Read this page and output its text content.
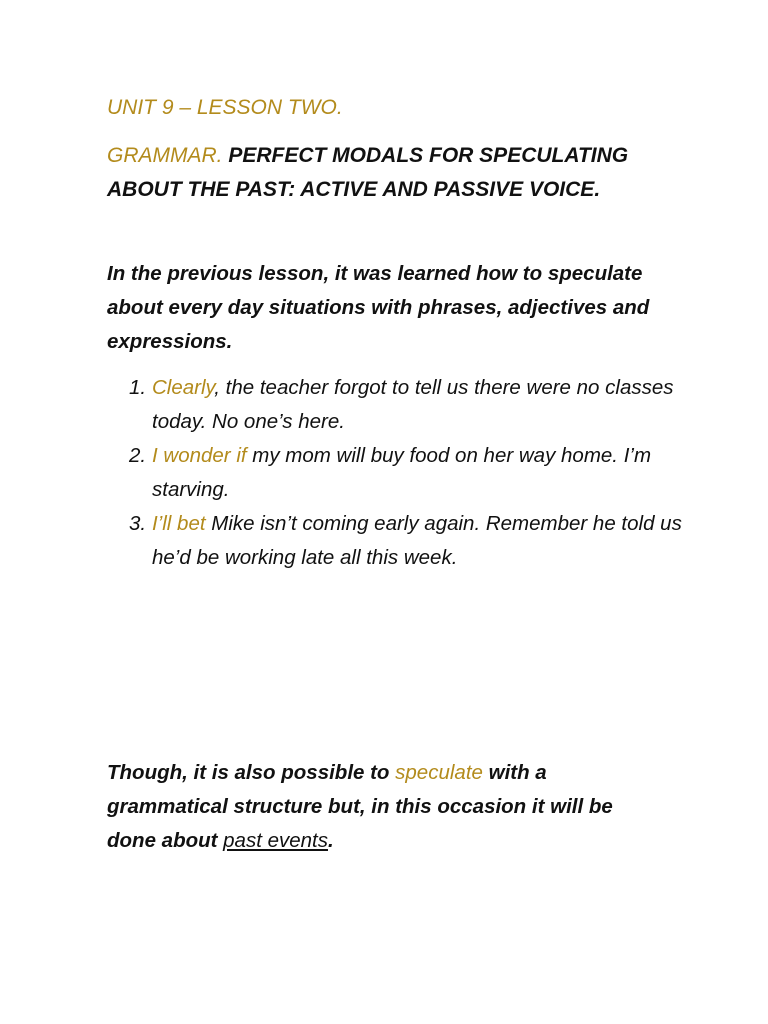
UNIT 9 – LESSON TWO.
GRAMMAR. PERFECT MODALS FOR SPECULATING ABOUT THE PAST: ACTIVE AND PASSIVE VOICE.
In the previous lesson, it was learned how to speculate about every day situations with phrases, adjectives and expressions.
1. Clearly, the teacher forgot to tell us there were no classes today. No one’s here.
2. I wonder if my mom will buy food on her way home. I’m starving.
3. I’ll bet Mike isn’t coming early again. Remember he told us he’d be working late all this week.
Though, it is also possible to speculate with a grammatical structure but, in this occasion it will be done about past events.
